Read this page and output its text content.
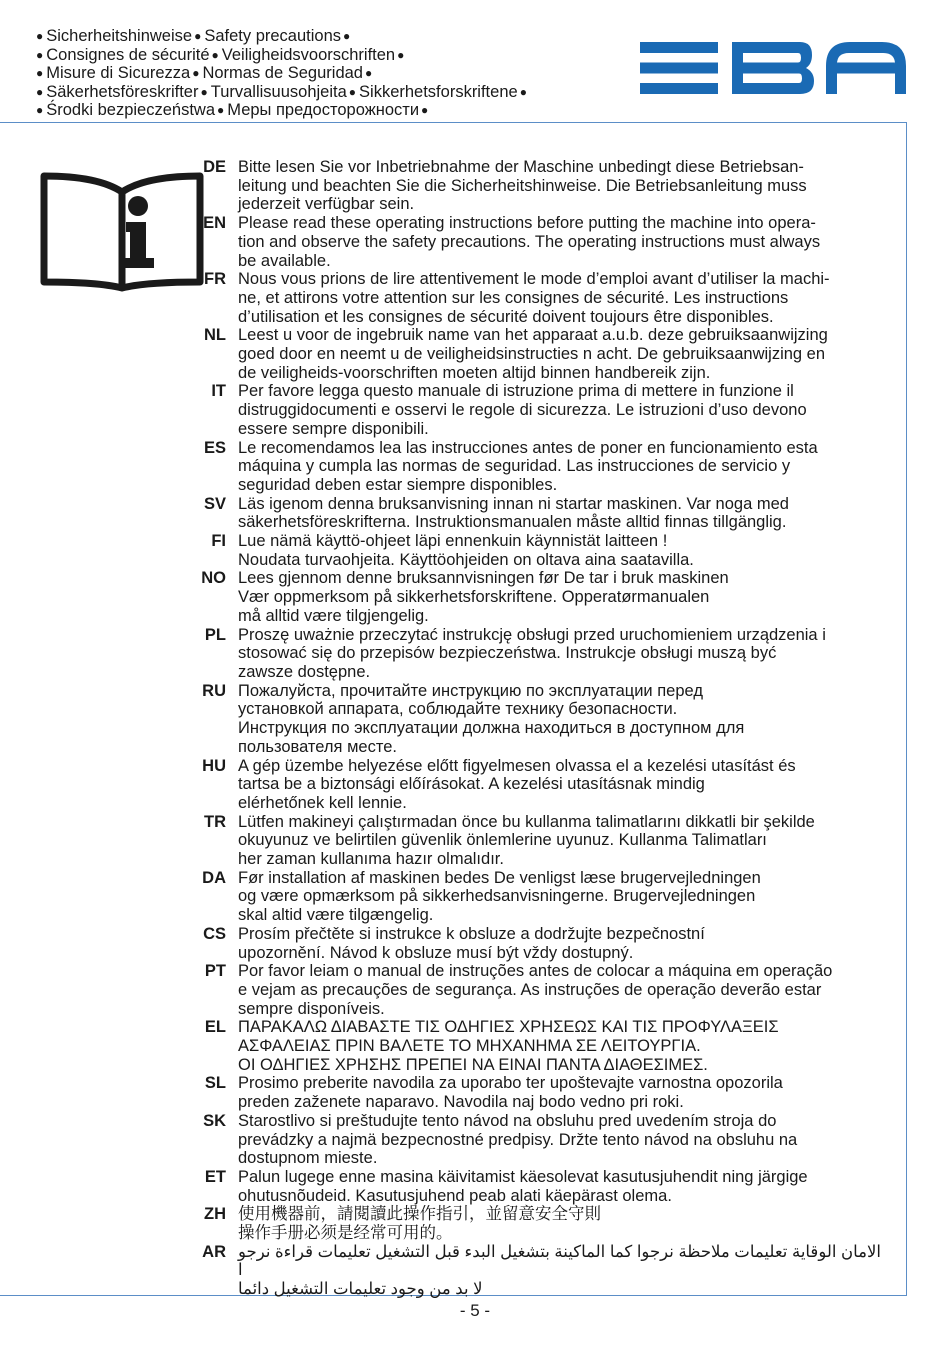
● Sicherheitshinweise ● Safety precautions ●
● Consignes de sécurité ● Veiligheidsvoorschriften ●
● Misure di Sicurezza ● Normas de Seguridad ●
● Säkerhetsföreskrifter ● Turvallisuusohjeita ● Sikkerhetsforskriftene ●
● Środki bezpieczeństwa ● Меры предосторожности ●
DE Bitte lesen Sie vor Inbetriebnahme der Maschine unbedingt diese Betriebsan-
leitung und beachten Sie die Sicherheitshinweise. Die Betriebsanleitung muss
jederzeit verfügbar sein.
EN Please read these operating instructions before putting the machine into opera-
tion and observe the safety precautions. The operating instructions must always
be available.
FR Nous vous prions de lire attentivement le mode d’emploi avant d’utiliser la machi-
ne, et attirons votre attention sur les consignes de sécurité. Les instructions
d’utilisation et les consignes de sécurité doivent toujours être disponibles.
NL Leest u voor de ingebruik name van het apparaat a.u.b. deze gebruiksaanwijzing
goed door en neemt u de veiligheidsinstructies n acht. De gebruiksaanwijzing en
de veiligheids-voorschriften moeten altijd binnen handbereik zijn.
IT Per favore legga questo manuale di istruzione prima di mettere in funzione il
distruggidocumenti e osservi le regole di sicurezza. Le istruzioni d’uso devono
essere sempre disponibili.
ES Le recomendamos lea las instrucciones antes de poner en funcionamiento esta
máquina y cumpla las normas de seguridad. Las instrucciones de servicio y
seguridad deben estar siempre disponibles.
SV Läs igenom denna bruksanvisning innan ni startar maskinen. Var noga med
säkerhetsföreskrifterna. Instruktionsmanualen måste alltid finnas tillgänglig.
FI Lue nämä käyttö-ohjeet läpi ennenkuin käynnistät laitteen !
Noudata turvaohjeita. Käyttöohjeiden on oltava aina saatavilla.
NO Lees gjennom denne bruksannvisningen før De tar i bruk maskinen
Vær oppmerksom på sikkerhetsforskriftene. Opperatørmanualen
må alltid være tilgjengelig.
PL Proszę uważnie przeczytać instrukcję obsługi przed uruchomieniem urządzenia i
stosować się do przepisów bezpieczeństwa. Instrukcje obsługi muszą być
zawsze dostępne.
RU Пожалуйста, прочитайте инструкцию по эксплуатации перед
установкой аппарата, соблюдайте технику безопасности.
Инструкция по эксплуатации должна находиться в доступном для
пользователя месте.
HU A gép üzembe helyezése előtt figyelmesen olvassa el a kezelési utasítást és
tartsa be a biztonsági előírásokat. A kezelési utasításnak mindig
elérhetőnek kell lennie.
TR Lütfen makineyi çalıştırmadan önce bu kullanma talimatlarını dikkatli bir şekilde
okuyunuz ve belirtilen güvenlik önlemlerine uyunuz. Kullanma Talimatları
her zaman kullanıma hazır olmalıdır.
DA Før installation af maskinen bedes De venligst læse brugervejledningen
og være opmærksom på sikkerhedsanvisningerne. Brugervejledningen
skal altid være tilgængelig.
CS Prosím přečtěte si instrukce k obsluze a dodržujte bezpečnostní
upozornění. Návod k obsluze musí být vždy dostupný.
PT Por favor leiam o manual de instruções antes de colocar a máquina em operação
e vejam as precauções de segurança. As instruções de operação deverão estar
sempre disponíveis.
EL ΠΑΡΑΚΑΛΩ ΔΙΑΒΑΣΤΕ ΤΙΣ ΟΔΗΓΙΕΣ ΧΡΗΣΕΩΣ ΚΑΙ ΤΙΣ ΠΡΟΦΥΛΑΞΕΙΣ
ΑΣΦΑΛΕΙΑΣ ΠΡΙΝ ΒΑΛΕΤΕ ΤΟ ΜΗΧΑΝΗΜΑ ΣΕ ΛΕΙΤΟΥΡΓΙΑ.
ΟΙ ΟΔΗΓΙΕΣ ΧΡΗΣΗΣ ΠΡΕΠΕΙ ΝΑ ΕΙΝΑΙ ΠΑΝΤΑ ΔΙΑΘΕΣΙΜΕΣ.
SL Prosimo preberite navodila za uporabo ter upoštevajte varnostna opozorila
preden zaženete naparavo. Navodila naj bodo vedno pri roki.
SK Starostlivo si preštudujte tento návod na obsluhu pred uvedením stroja do
prevádzky a najmä bezpecnostné predpisy. Držte tento návod na obsluhu na
dostupnom mieste.
ET Palun lugege enne masina käivitamist käesolevat kasutusjuhendit ning järgige
ohutusnõudeid. Kasutusjuhend peab alati käepärast olema.
ZH 使用機器前，請閱讀此操作指引，並留意安全守則
操作手册必须是经常可用的。
AR	الامان الوقاية تعليمات ملاحظة نرجوا كما الماكينة بتشغيل البدء قبل التشغيل تعليمات قراءة نرجو ا
لا بد من وجود تعليمات التشغيل دائما
- 5 -
